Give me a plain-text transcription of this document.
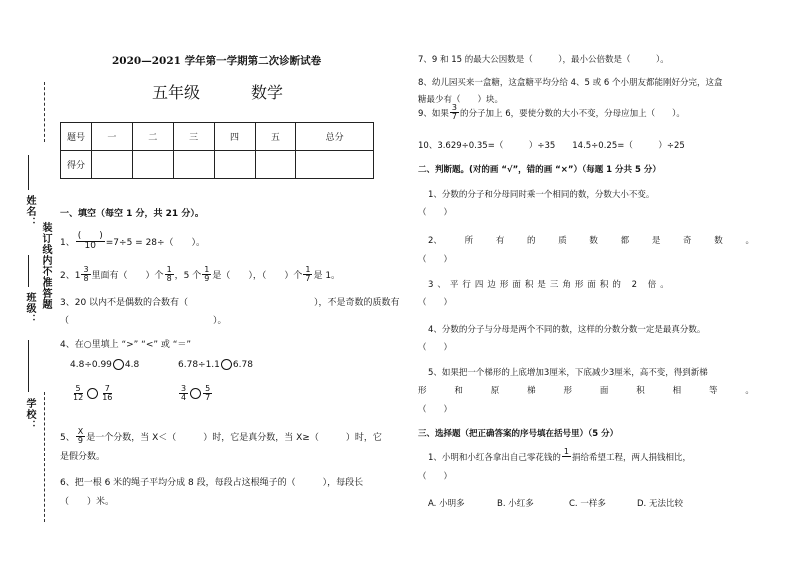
姓名：
装订线内不准答题
班级：
学校：
2020—2021 学年第一学期第二次诊断试卷
五年级	数学
题号	一	二	三	四	五	总分
得分						
一、填空（每空 1 分，共 21 分）。
1、 $\frac{( )}{10} =7\div 5 = 28\div$（　　）。
2、$1 \frac{3}{8}$ 里面有（　　）个 $\frac{1}{8}$ ，5 个 $\frac{1}{9}$ 是（　　），（　　）个 $\frac{1}{7}$ 是 1。
3、20 以内不是偶数的合数有（　　　　　　　　　　　　　　），不是奇数的质数有
（　　　　　　　　　　　　　　　　）。
4、在○里填上 “>” “<” 或 “＝”
4.8÷0.99 4.8	6.78÷1.1 6.78
$\frac{5}{12} \frac{7}{16}$	$\frac{3}{4} \frac{5}{7}$
5、 $\frac{X}{9}$ 是一个分数，当 X＜（　　　）时，它是真分数，当 X≥（　　　）时，它
是假分数。
6、把一根 6 米的绳子平均分成 8 段，每段占这根绳子的（　　　），每段长
（　　）米。
7、9 和 15 的最大公因数是（　　　），最小公倍数是（　　　）。
8、幼儿园买来一盒糖，这盒糖平均分给 4、5 或 6 个小朋友都能刚好分完，这盒
糖最少有（　　）块。
9、如果 $\frac{3}{7}$ 的分子加上 6，要使分数的大小不变，分母应加上（　　）。
10、3.629÷0.35=（　　　）÷35　　14.5÷0.25=（　　　）÷25
二、判断题。(对的画 “√”，错的画 “×”）（每题 1 分共 5 分）
1、分数的分子和分母同时乘一个相同的数，分数大小不变。
（　　）
2、	所	有	的	质	数	都	是	奇	数	。
（　　）
3、平行四边形面积是三角形面积的 2 倍。
（　　）
4、分数的分子与分母是两个不同的数，这样的分数分数一定是最真分数。
（　　）
5、如果把一个梯形的上底增加3厘米，下底减少3厘米，高不变，得到新梯
形	和	原	梯	形	面	积	相	等	。
（　　）
三、选择题（把正确答案的序号填在括号里）（5 分）
1、小明和小红各拿出自己零花钱的
1

捐给希望工程，两人捐钱相比，
（　　）
A. 小明多	B. 小红多	C. 一样多	D. 无法比较
